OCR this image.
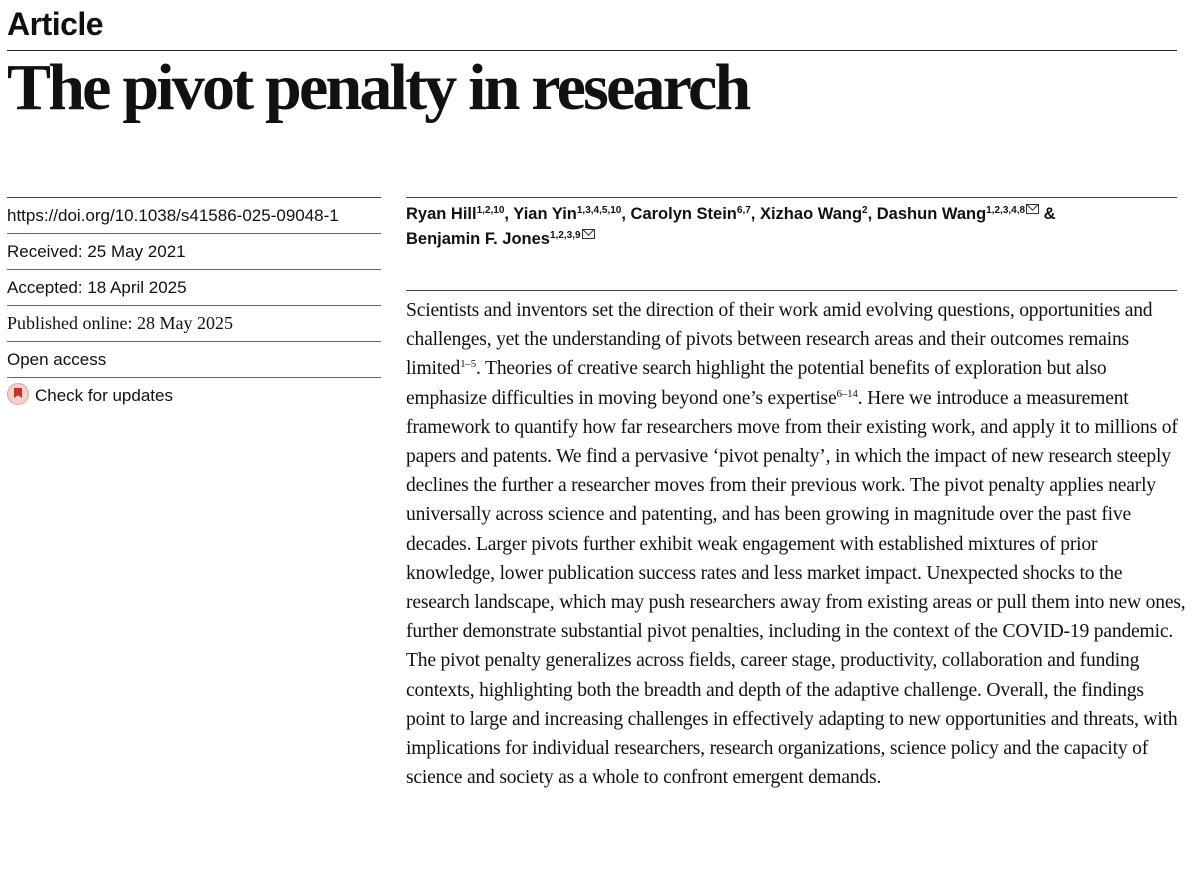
Article
The pivot penalty in research
https://doi.org/10.1038/s41586-025-09048-1
Received: 25 May 2021
Accepted: 18 April 2025
Published online: 28 May 2025
Open access
Check for updates
Ryan Hill$^{1,2,10}$, Yian Yin$^{1,3,4,5,10}$, Carolyn Stein$^{6,7}$, Xizhao Wang$^2$, Dashun Wang$^{1,2,3,4,8}$ &
Benjamin F. Jones$^{1,2,3,9}$

Scientists and inventors set the direction of their work amid evolving questions, opportunities and challenges, yet the understanding of pivots between research areas and their outcomes remains limited$^{1-5}$. Theories of creative search highlight the potential benefits of exploration but also emphasize difficulties in moving beyond one’s expertise$^{6-14}$. Here we introduce a measurement framework to quantify how far researchers move from their existing work, and apply it to millions of papers and patents. We find a pervasive ‘pivot penalty’, in which the impact of new research steeply declines the further a researcher moves from their previous work. The pivot penalty applies nearly universally across science and patenting, and has been growing in magnitude over the past five decades. Larger pivots further exhibit weak engagement with established mixtures of prior knowledge, lower publication success rates and less market impact. Unexpected shocks to the research landscape, which may push researchers away from existing areas or pull them into new ones, further demonstrate substantial pivot penalties, including in the context of the COVID-19 pandemic. The pivot penalty generalizes across fields, career stage, productivity, collaboration and funding contexts, highlighting both the breadth and depth of the adaptive challenge. Overall, the findings point to large and increasing challenges in effectively adapting to new opportunities and threats, with implications for individual researchers, research organizations, science policy and the capacity of science and society as a whole to confront emergent demands.
